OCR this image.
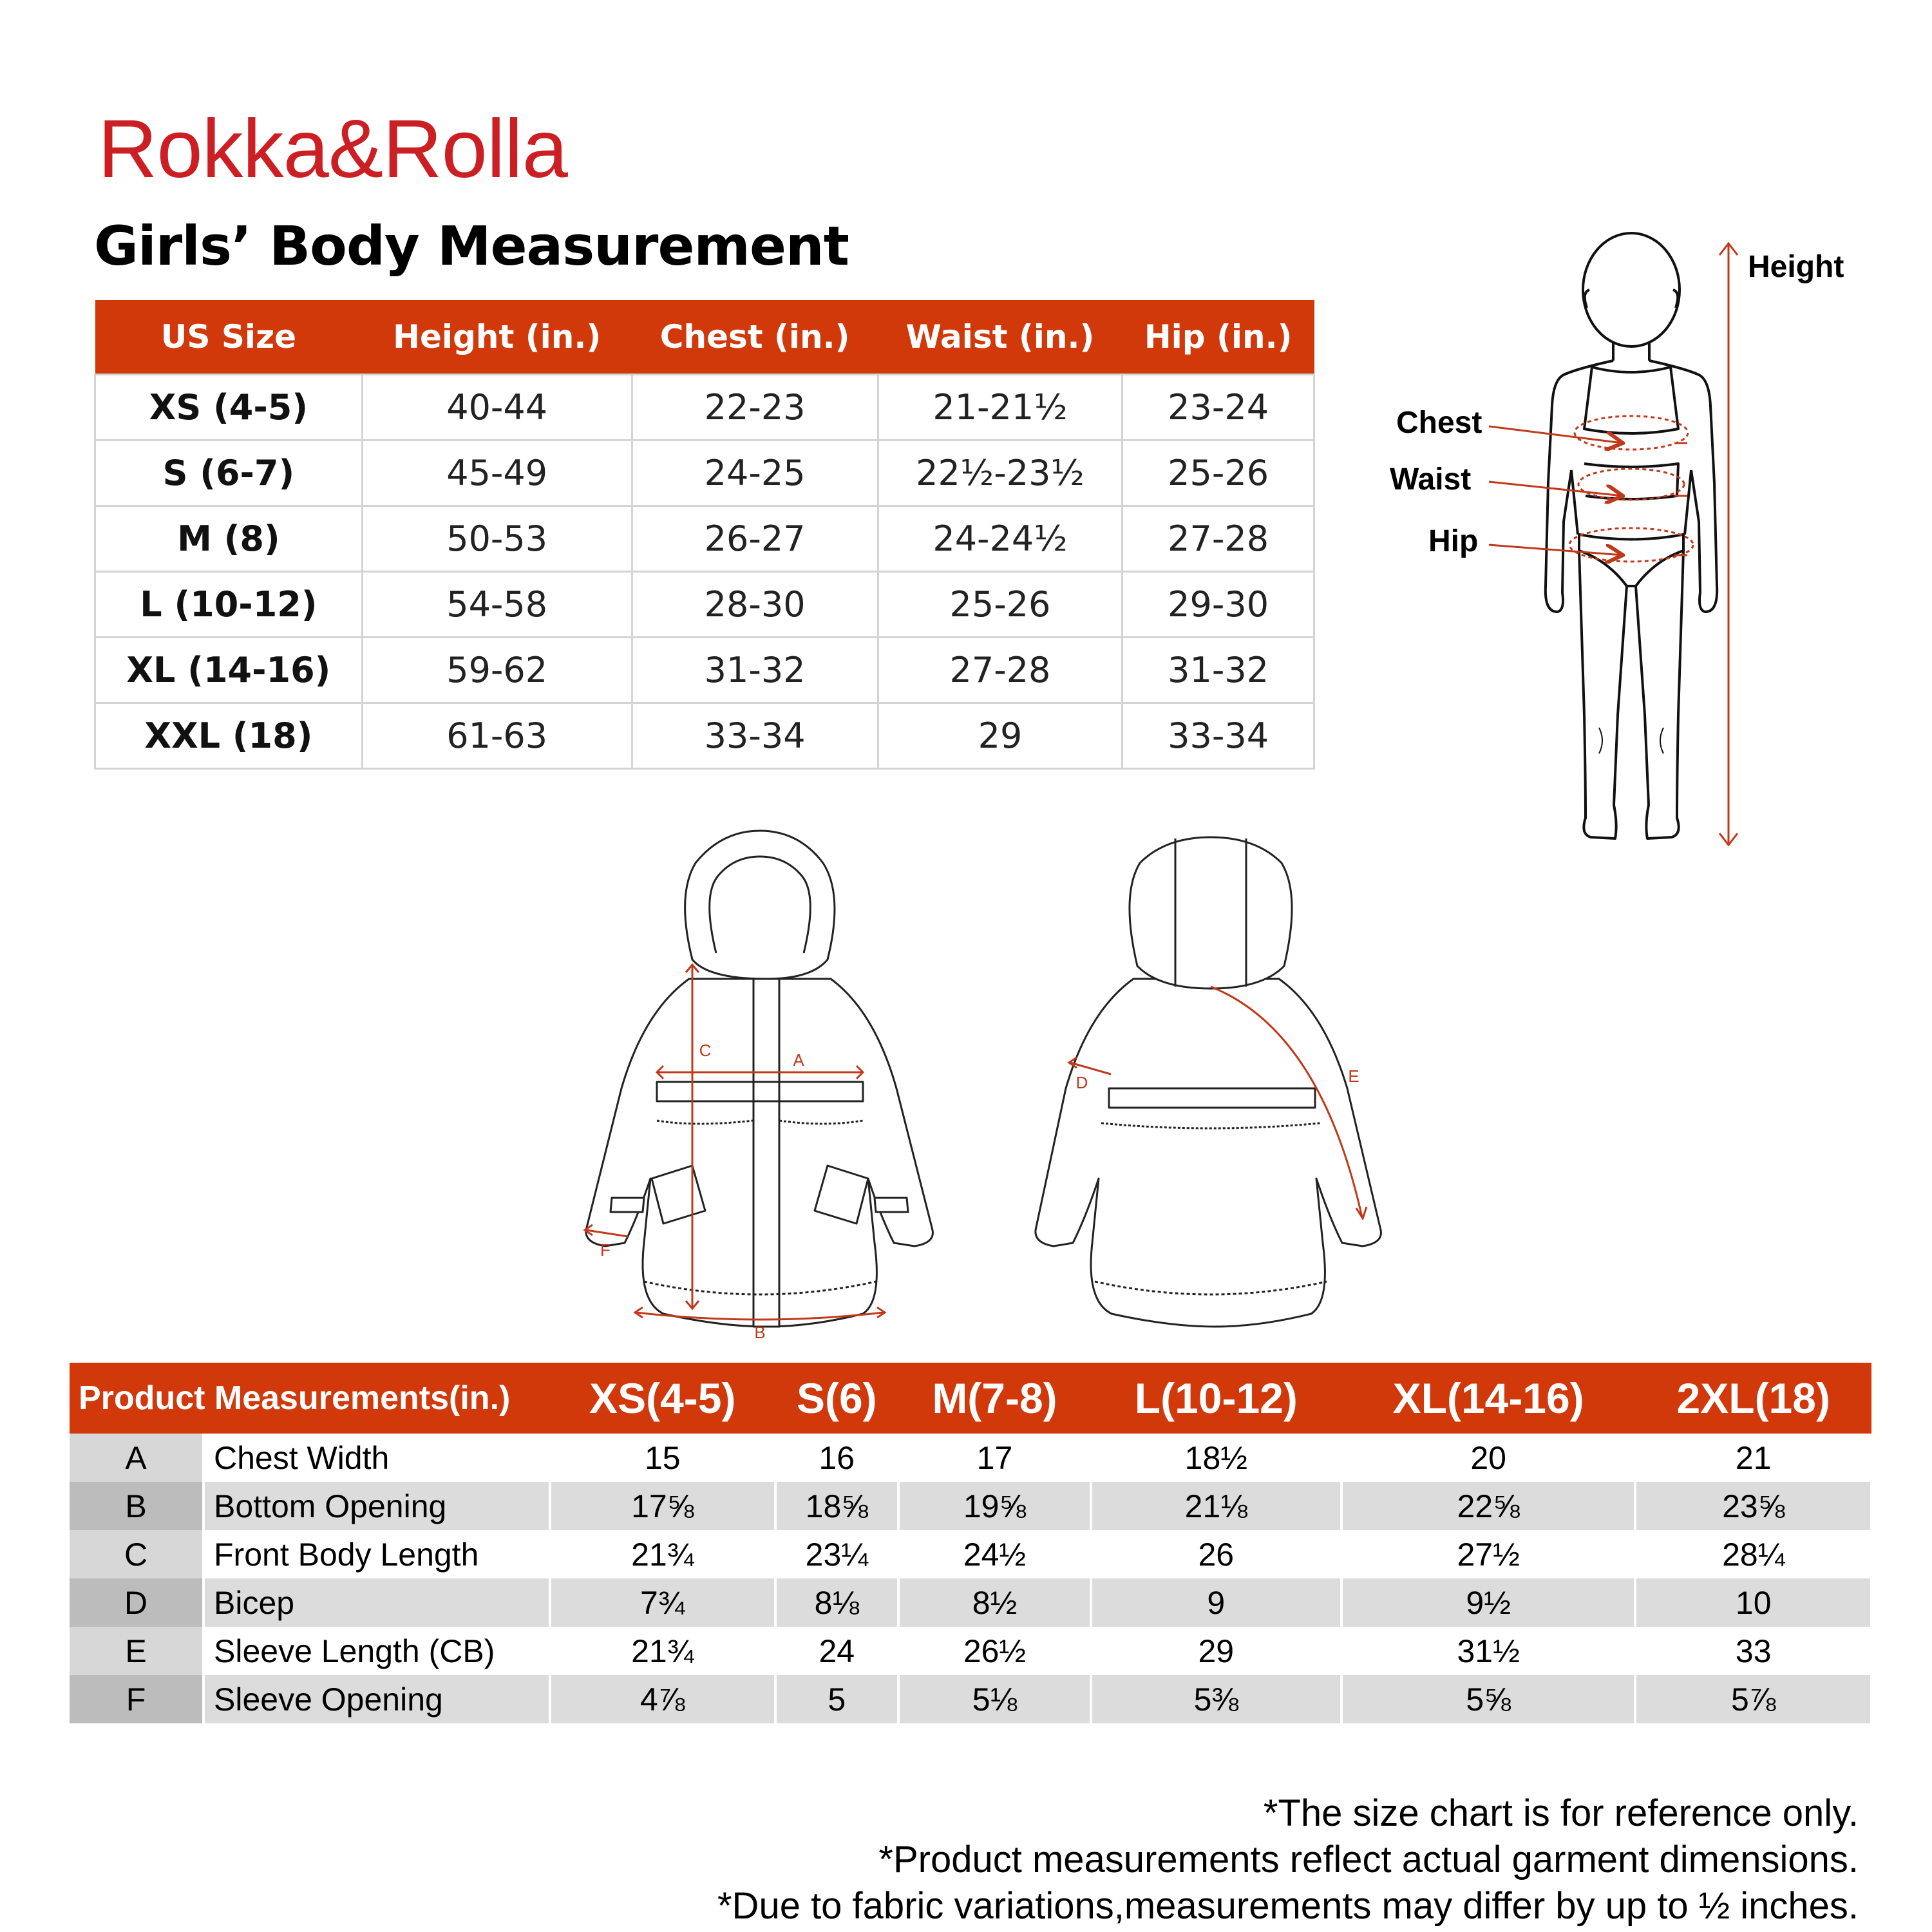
Rokka&Rolla
Girls’ Body Measurement
US Size	Height (in.)	Chest (in.)	Waist (in.)	Hip (in.)
XS (4-5)	40-44	22-23	21-21½	23-24
S (6-7)	45-49	24-25	22½-23½	25-26
M (8)	50-53	26-27	24-24½	27-28
L (10-12)	54-58	28-30	25-26	29-30
XL (14-16)	59-62	31-32	27-28	31-32
XXL (18)	61-63	33-34	29	33-34
Height
Chest
Waist
Hip
A
B
C
D	E
F
Product Measurements(in.)		XS(4-5)	S(6)	M(7-8)	L(10-12)	XL(14-16)	2XL(18)
A	Chest Width	15	16	17	18½	20	21
B	Bottom Opening	17⅝	18⅝	19⅝	21⅛	22⅝	23⅝
C	Front Body Length	21¾	23¼	24½	26	27½	28¼
D	Bicep	7¾	8⅛	8½	9	9½	10
E	Sleeve Length (CB)	21¾	24	26½	29	31½	33
F	Sleeve Opening	4⅞	5	5⅛	5⅜	5⅝	5⅞
*The size chart is for reference only.
*Product measurements reflect actual garment dimensions.
*Due to fabric variations,measurements may differ by up to ½ inches.
